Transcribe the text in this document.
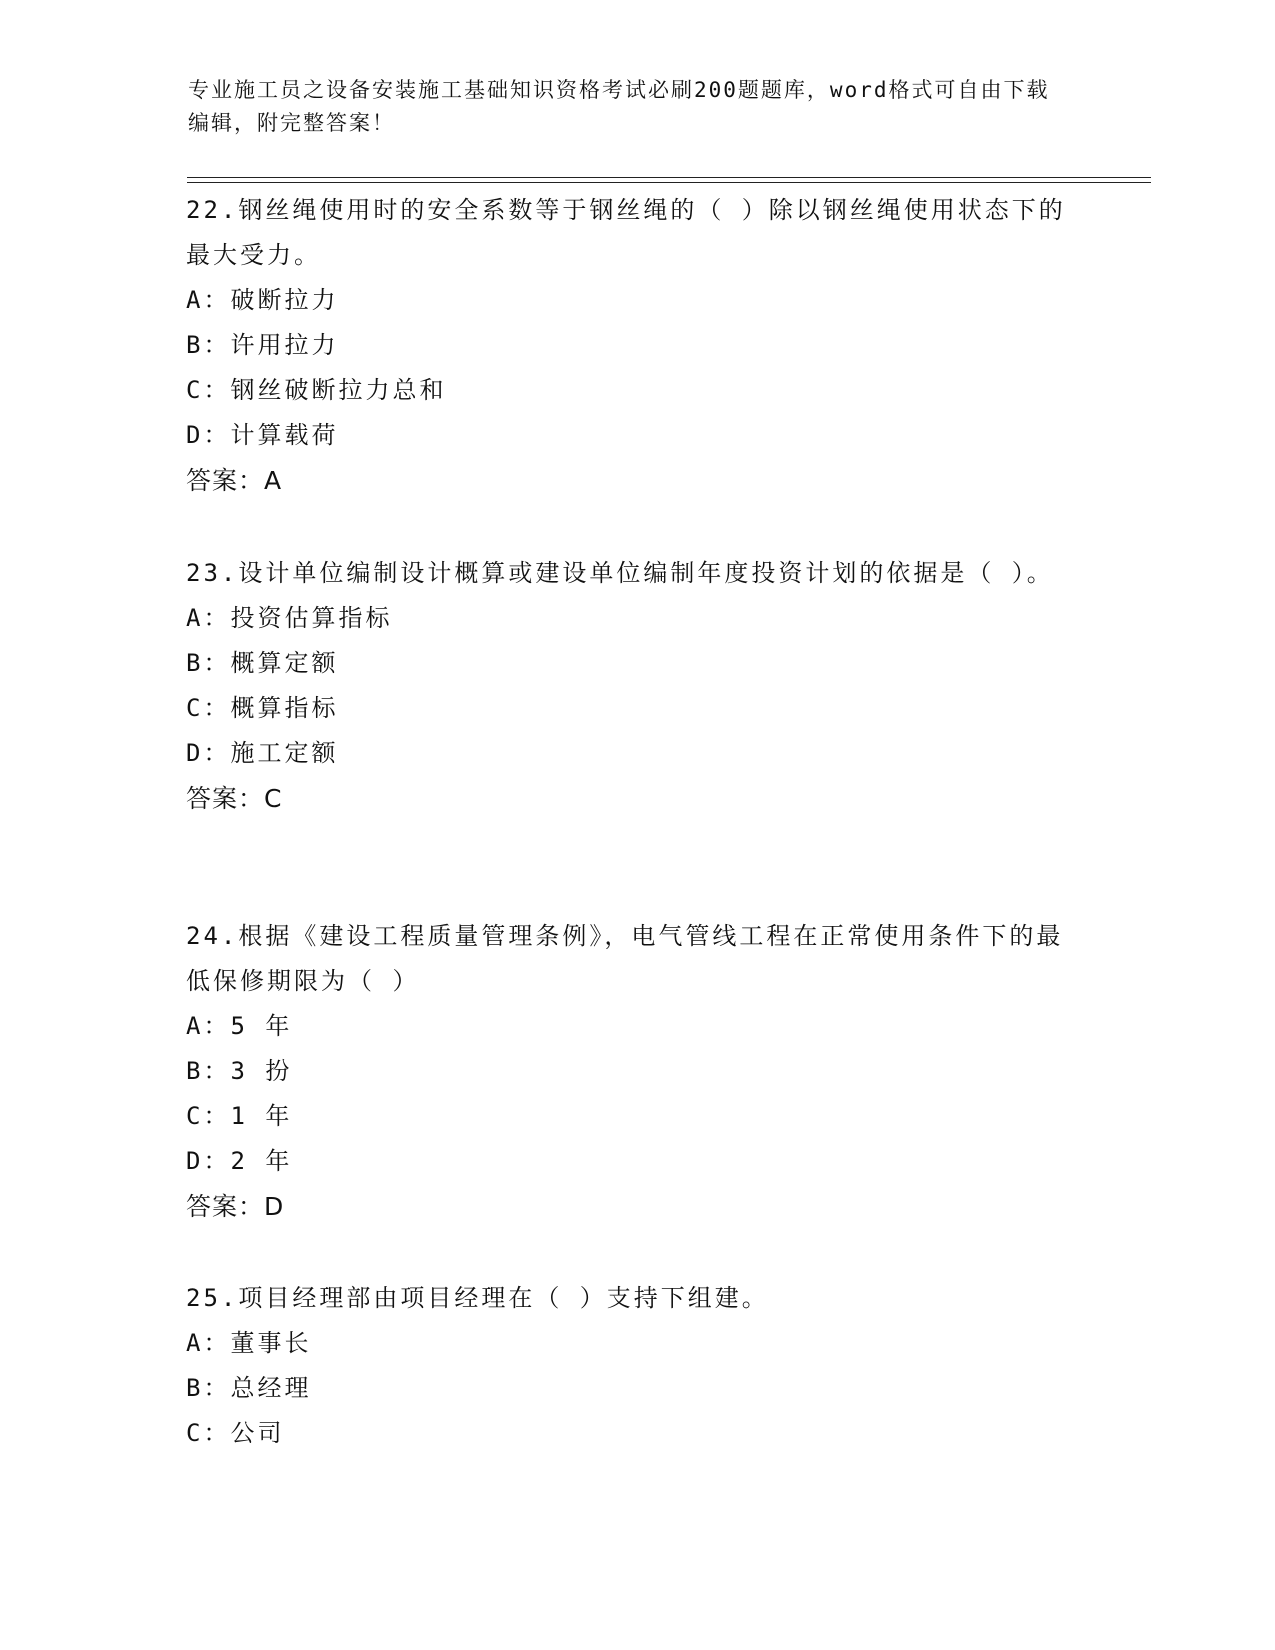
专业施工员之设备安装施工基础知识资格考试必刷200题题库，word格式可自由下载编辑，附完整答案！

22.钢丝绳使用时的安全系数等于钢丝绳的（ ）除以钢丝绳使用状态下的最大受力。

A：破断拉力

B：许用拉力

C：钢丝破断拉力总和

D：计算载荷

答案：A

23.设计单位编制设计概算或建设单位编制年度投资计划的依据是（ ）。

A：投资估算指标

B：概算定额

C：概算指标

D：施工定额

答案：C

24.根据《建设工程质量管理条例》，电气管线工程在正常使用条件下的最低保修期限为（ ）

A：5 年

B：3 扮

C：1 年

D：2 年

答案：D

25.项目经理部由项目经理在（ ）支持下组建。

A：董事长

B：总经理

C：公司
